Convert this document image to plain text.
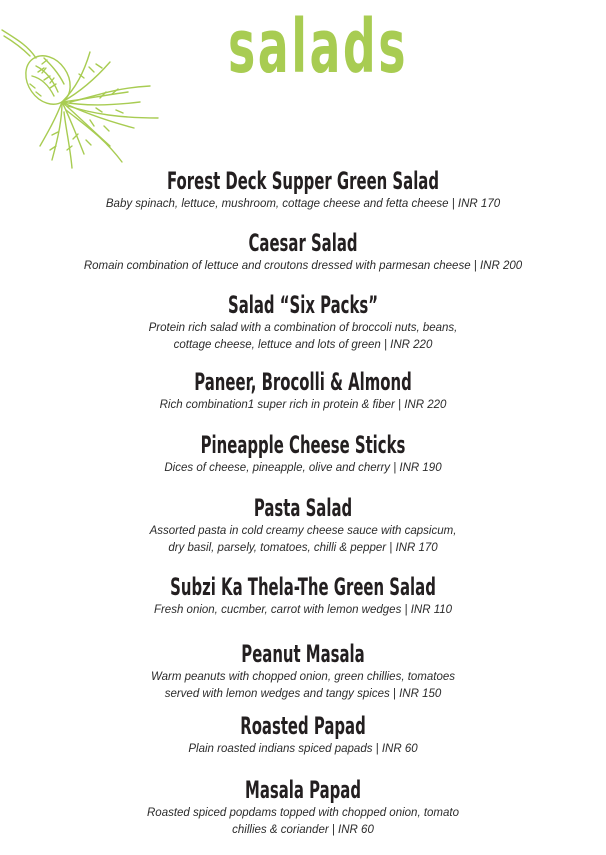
salads
Forest Deck Supper Green Salad
Baby spinach, lettuce, mushroom, cottage cheese and fetta cheese | INR 170
Caesar Salad
Romain combination of lettuce and croutons dressed with parmesan cheese | INR 200
Salad “Six Packs”
Protein rich salad with a combination of broccoli nuts, beans,
cottage cheese, lettuce and lots of green | INR 220
Paneer, Brocolli & Almond
Rich combination1 super rich in protein & fiber | INR 220
Pineapple Cheese Sticks
Dices of cheese, pineapple, olive and cherry | INR 190
Pasta Salad
Assorted pasta in cold creamy cheese sauce with capsicum,
dry basil, parsely, tomatoes, chilli & pepper | INR 170
Subzi Ka Thela-The Green Salad
Fresh onion, cucmber, carrot with lemon wedges | INR 110
Peanut Masala
Warm peanuts with chopped onion, green chillies, tomatoes
served with lemon wedges and tangy spices | INR 150
Roasted Papad
Plain roasted indians spiced papads | INR 60
Masala Papad
Roasted spiced popdams topped with chopped onion, tomato
chillies & coriander | INR 60
